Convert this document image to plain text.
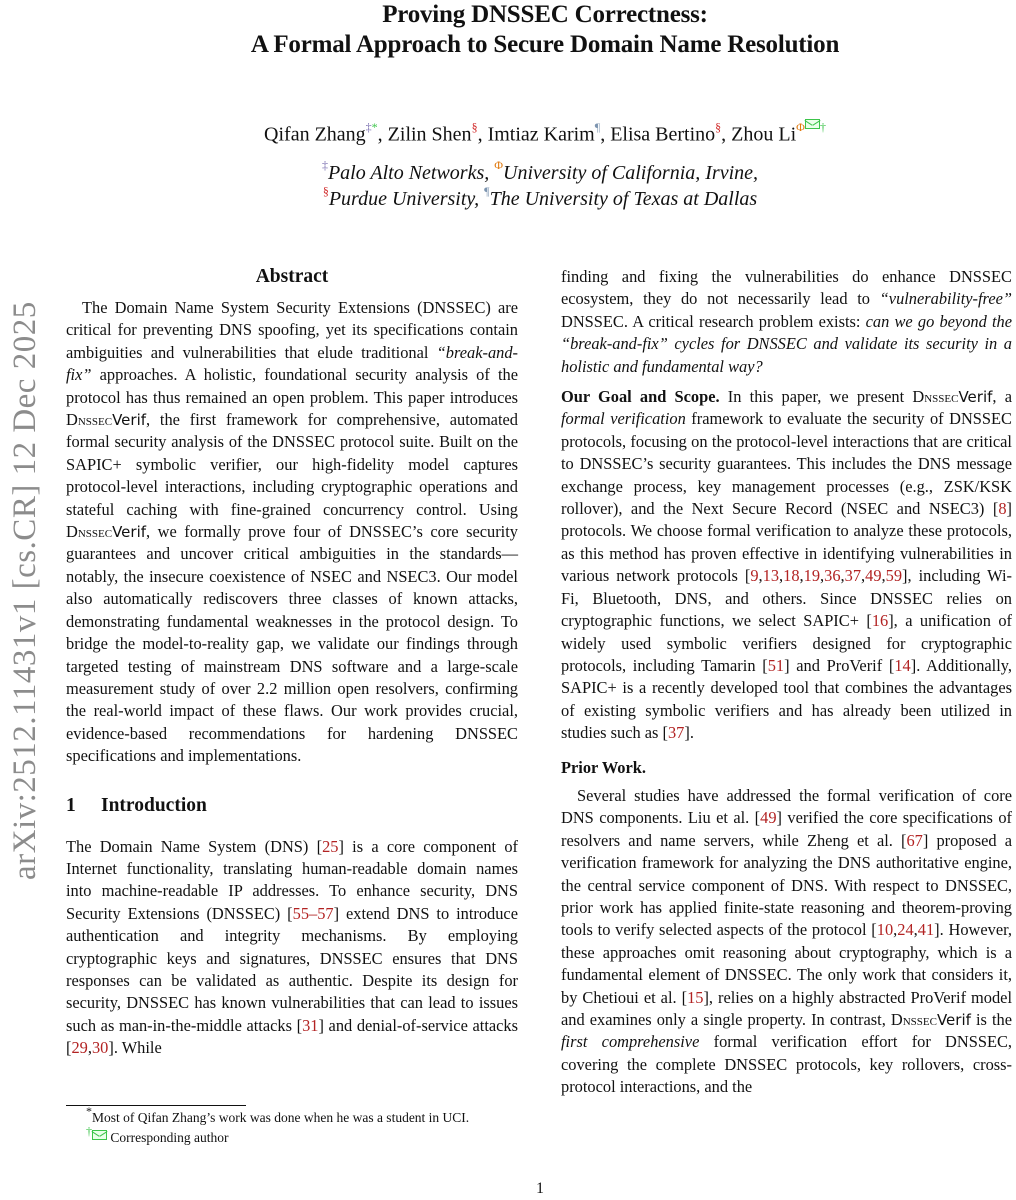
Proving DNSSEC Correctness:
A Formal Approach to Secure Domain Name Resolution
Qifan Zhang‡*, Zilin Shen§, Imtiaz Karim¶, Elisa Bertino§, Zhou $Li^{\Phi \dagger}$
‡Palo Alto Networks, $^\Phi$University of California, Irvine,
§Purdue University, ¶The University of Texas at Dallas
arXiv:2512.11431v1 [cs.CR] 12 Dec 2025
Abstract

The Domain Name System Security Extensions (DNSSEC) are critical for preventing DNS spoofing, yet its specifications contain ambiguities and vulnerabilities that elude traditional “break-and-fix” approaches. A holistic, foundational security analysis of the protocol has thus remained an open problem. This paper introduces DnssecVerif, the first framework for comprehensive, automated formal security analysis of the DNSSEC protocol suite. Built on the SAPIC+ symbolic verifier, our high-fidelity model captures protocol-level interactions, including cryptographic operations and stateful caching with fine-grained concurrency control. Using DnssecVerif, we formally prove four of DNSSEC’s core security guarantees and uncover critical ambiguities in the standards—notably, the insecure coexistence of NSEC and NSEC3. Our model also automatically rediscovers three classes of known attacks, demonstrating fundamental weaknesses in the protocol design. To bridge the model-to-reality gap, we validate our findings through targeted testing of mainstream DNS software and a large-scale measurement study of over 2.2 million open resolvers, confirming the real-world impact of these flaws. Our work provides crucial, evidence-based recommendations for hardening DNSSEC specifications and implementations.

1 Introduction

The Domain Name System (DNS) [25] is a core component of Internet functionality, translating human-readable domain names into machine-readable IP addresses. To enhance security, DNS Security Extensions (DNSSEC) [55–57] extend DNS to introduce authentication and integrity mechanisms. By employing cryptographic keys and signatures, DNSSEC ensures that DNS responses can be validated as authentic. Despite its design for security, DNSSEC has known vulnerabilities that can lead to issues such as man-in-the-middle attacks [31] and denial-of-service attacks [29,30]. While

*Most of Qifan Zhang’s work was done when he was a student in UCI.
† Corresponding author

finding and fixing the vulnerabilities do enhance DNSSEC ecosystem, they do not necessarily lead to “vulnerability-free” DNSSEC. A critical research problem exists: can we go beyond the “break-and-fix” cycles for DNSSEC and validate its security in a holistic and fundamental way?

Our Goal and Scope. In this paper, we present DnssecVerif, a formal verification framework to evaluate the security of DNSSEC protocols, focusing on the protocol-level interactions that are critical to DNSSEC’s security guarantees. This includes the DNS message exchange process, key management processes (e.g., ZSK/KSK rollover), and the Next Secure Record (NSEC and NSEC3) [8] protocols. We choose formal verification to analyze these protocols, as this method has proven effective in identifying vulnerabilities in various network protocols [9,13,18,19,36,37,49,59], including Wi-Fi, Bluetooth, DNS, and others. Since DNSSEC relies on cryptographic functions, we select SAPIC+ [16], a unification of widely used symbolic verifiers designed for cryptographic protocols, including Tamarin [51] and ProVerif [14]. Additionally, SAPIC+ is a recently developed tool that combines the advantages of existing symbolic verifiers and has already been utilized in studies such as [37].

Prior Work.

Several studies have addressed the formal verification of core DNS components. Liu et al. [49] verified the core specifications of resolvers and name servers, while Zheng et al. [67] proposed a verification framework for analyzing the DNS authoritative engine, the central service component of DNS. With respect to DNSSEC, prior work has applied finite-state reasoning and theorem-proving tools to verify selected aspects of the protocol [10,24,41]. However, these approaches omit reasoning about cryptography, which is a fundamental element of DNSSEC. The only work that considers it, by Chetioui et al. [15], relies on a highly abstracted ProVerif model and examines only a single property. In contrast, DnssecVerif is the first comprehensive formal verification effort for DNSSEC, covering the complete DNSSEC protocols, key rollovers, cross-protocol interactions, and the

1
